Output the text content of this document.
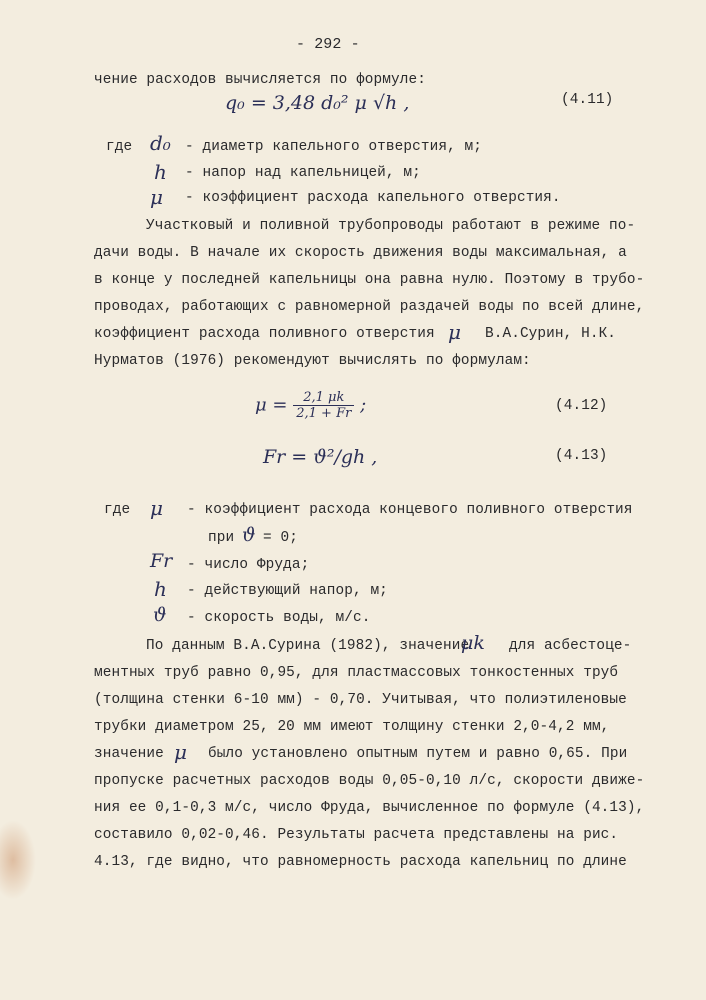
- 292 -
чение расходов вычисляется по формуле:
q₀ = 3,48 d₀² μ √h ,	(4.11)
где d₀ - диаметр капельного отверстия, м;
h - напор над капельницей, м;
μ - коэффициент расхода капельного отверстия.
Участковый и поливной трубопроводы работают в режиме по-
дачи воды. В начале их скорость движения воды максимальная, а
в конце у последней капельницы она равна нулю. Поэтому в трубо-
проводах, работающих с равномерной раздачей воды по всей длине,
коэффициент расхода поливного отверстия μ В.А.Сурин, Н.К.
Нурматов (1976) рекомендуют вычислять по формулам:
$\mu = \frac{2,1 \mu k}{2,1 + Fr}$ ;	(4.12)
Fr = ϑ²/gh ,	(4.13)
где μ - коэффициент расхода концевого поливного отверстия
при ϑ = 0;
Fr - число Фруда;
h - действующий напор, м;
ϑ - скорость воды, м/с.
По данным В.А.Сурина (1982), значение
μk для асбестоце-
ментных труб равно 0,95, для пластмассовых тонкостенных труб
(толщина стенки 6-10 мм) - 0,70. Учитывая, что полиэтиленовые
трубки диаметром 25, 20 мм имеют толщину стенки 2,0-4,2 мм,
значение μ было установлено опытным путем и равно 0,65. При
пропуске расчетных расходов воды 0,05-0,10 л/с, скорости движе-
ния ее 0,1-0,3 м/с, число Фруда, вычисленное по формуле (4.13),
составило 0,02-0,46. Результаты расчета представлены на рис.
4.13, где видно, что равномерность расхода капельниц по длине
